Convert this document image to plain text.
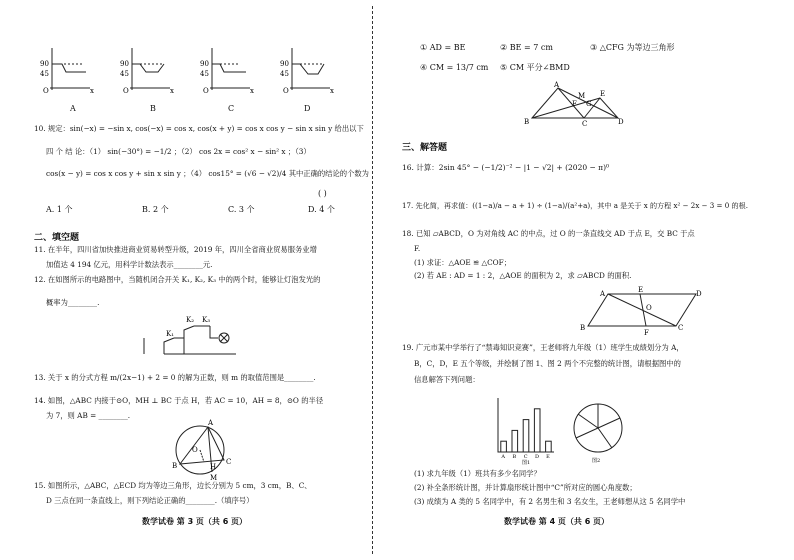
90
45
O	x
90
45
O	x
90
45
O	x
90
45
O	x
A	B	C	D
10. 规定：sin(−x) = −sin x, cos(−x) = cos x, cos(x + y) = cos x cos y − sin x sin y 给出以下
四 个 结 论：（1） sin(−30°) = −1/2 ；（2） cos 2x = cos² x − sin² x ；（3）
cos(x − y) = cos x cos y + sin x sin y ；（4） cos15° = (√6 − √2)/4 其中正确的结论的个数为
( )
A. 1 个	B. 2 个	C. 3 个	D. 4 个
二、填空题
11. 在半年，四川省加快推进商业贸易转型升级，2019 年，四川全省商业贸易服务业增
加值达 4 194 亿元，用科学计数法表示________元.
12. 在如图所示的电路图中，当随机闭合开关 K₁, K₂, K₃ 中的两个时，能够让灯泡发光的
概率为________.
K₁
K₂ K₃
13. 关于 x 的分式方程 m/(2x−1) + 2 = 0 的解为正数，则 m 的取值范围是________.
14. 如图，△ABC 内接于⊙O，MH ⊥ BC 于点 H，若 AC = 10，AH = 8，⊙O 的半径
为 7，则 AB = ________.
A
B	C
H
O
M
15. 如图所示，△ABC，△ECD 均为等边三角形，边长分别为 5 cm，3 cm，B、C、
D 三点在同一条直线上，则下列结论正确的________.（填序号）
数学试卷 第 3 页（共 6 页）
① AD = BE	② BE = 7 cm	③ △CFG 为等边三角形
④ CM = 13/7 cm ⑤ CM 平分∠BMD
A
B	C	D
E
F G
M
三、解答题
16. 计算：2sin 45° − (−1/2)⁻² − |1 − √2| + (2020 − π)⁰
17. 先化简，再求值：((1−a)/a − a + 1) ÷ (1−a)/(a²+a)，其中 a 是关于 x 的方程 x² − 2x − 3 = 0 的根.
18. 已知 ▱ABCD，O 为对角线 AC 的中点，过 O 的一条直线交 AD 于点 E，交 BC 于点
F.
(1) 求证：△AOE ≌ △COF；
(2) 若 AE : AD = 1 : 2，△AOE 的面积为 2，求 ▱ABCD 的面积.
A
B	C
D
E
F
O
19. 广元市某中学举行了“禁毒知识竞赛”，王老师将九年级（1）班学生成绩划分为 A，
B，C，D，E 五个等级，并绘制了图 1、图 2 两个不完整的统计图，请根据图中的
信息解答下列问题：
A B C D E
图1	图2
(1) 求九年级（1）班共有多少名同学？
(2) 补全条形统计图，并计算扇形统计图中“C”所对应的圆心角度数；
(3) 成绩为 A 类的 5 名同学中，有 2 名男生和 3 名女生，王老师想从这 5 名同学中
数学试卷 第 4 页（共 6 页）
